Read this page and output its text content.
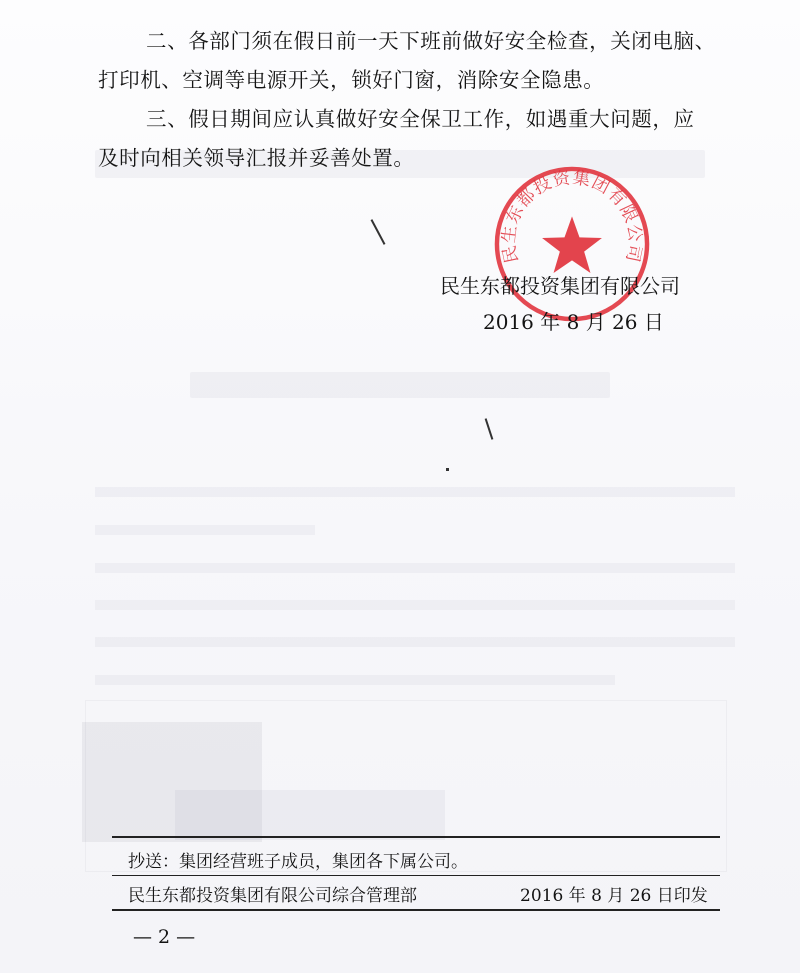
二、各部门须在假日前一天下班前做好安全检查，关闭电脑、

打印机、空调等电源开关，锁好门窗，消除安全隐患。

三、假日期间应认真做好安全保卫工作，如遇重大问题，应

及时向相关领导汇报并妥善处置。

民生东都投资集团有限公司

民生东都投资集团有限公司

2016 年 8 月 26 日

抄送：集团经营班子成员，集团各下属公司。

民生东都投资集团有限公司综合管理部	2016 年 8 月 26 日印发

— 2 —
